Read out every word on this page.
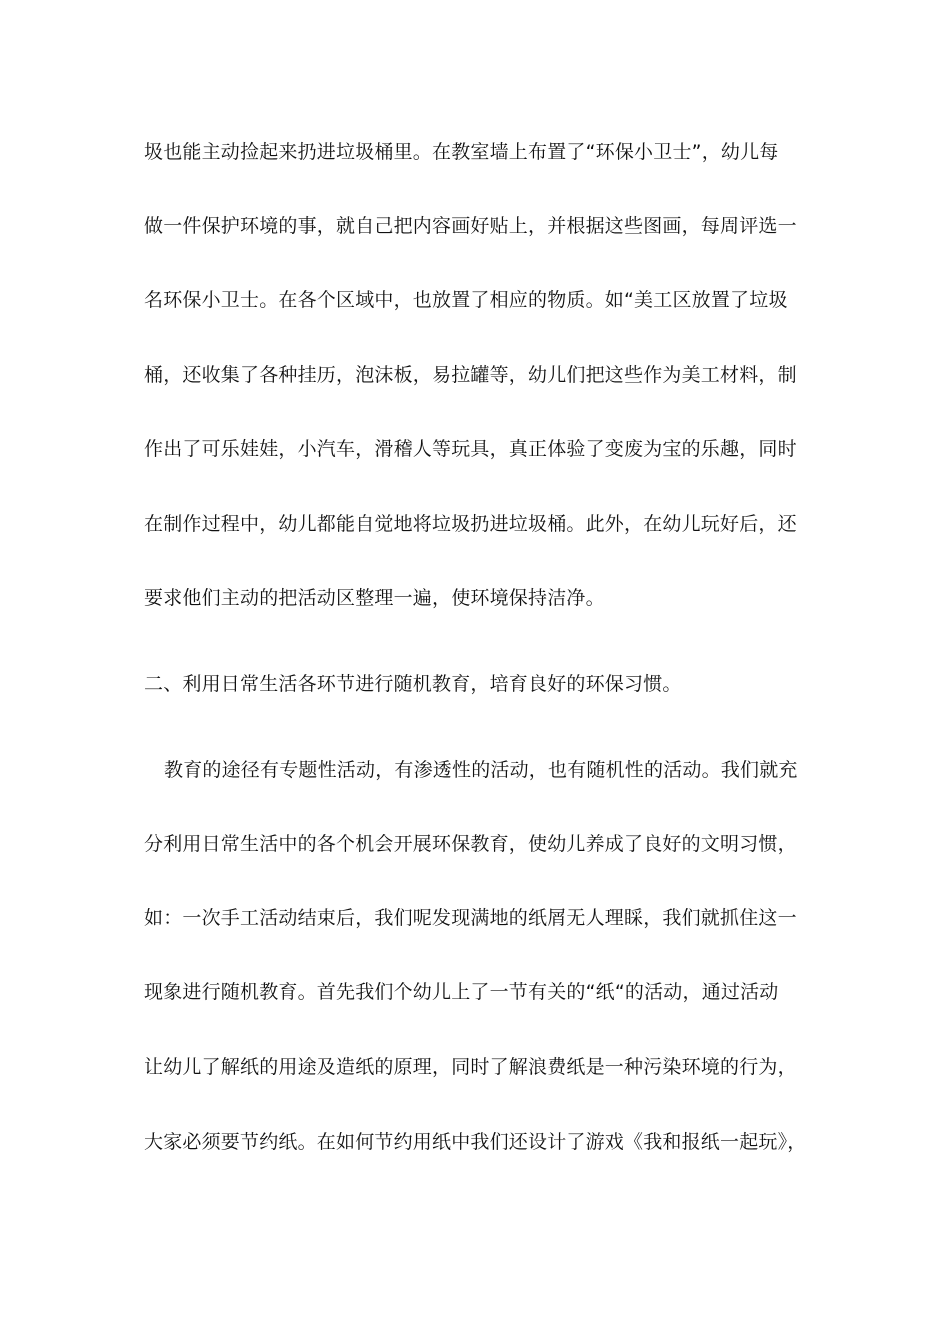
圾也能主动捡起来扔进垃圾桶里。在教室墙上布置了“环保小卫士”，幼儿每
做一件保护环境的事，就自己把内容画好贴上，并根据这些图画，每周评选一
名环保小卫士。在各个区域中，也放置了相应的物质。如“美工区放置了垃圾
桶，还收集了各种挂历，泡沫板，易拉罐等，幼儿们把这些作为美工材料，制
作出了可乐娃娃，小汽车，滑稽人等玩具，真正体验了变废为宝的乐趣，同时
在制作过程中，幼儿都能自觉地将垃圾扔进垃圾桶。此外，在幼儿玩好后，还
要求他们主动的把活动区整理一遍，使环境保持洁净。
二、利用日常生活各环节进行随机教育，培育良好的环保习惯。
教育的途径有专题性活动，有渗透性的活动，也有随机性的活动。我们就充
分利用日常生活中的各个机会开展环保教育，使幼儿养成了良好的文明习惯，
如：一次手工活动结束后，我们呢发现满地的纸屑无人理睬，我们就抓住这一
现象进行随机教育。首先我们个幼儿上了一节有关的“纸“的活动，通过活动
让幼儿了解纸的用途及造纸的原理，同时了解浪费纸是一种污染环境的行为，
大家必须要节约纸。在如何节约用纸中我们还设计了游戏《我和报纸一起玩》，
